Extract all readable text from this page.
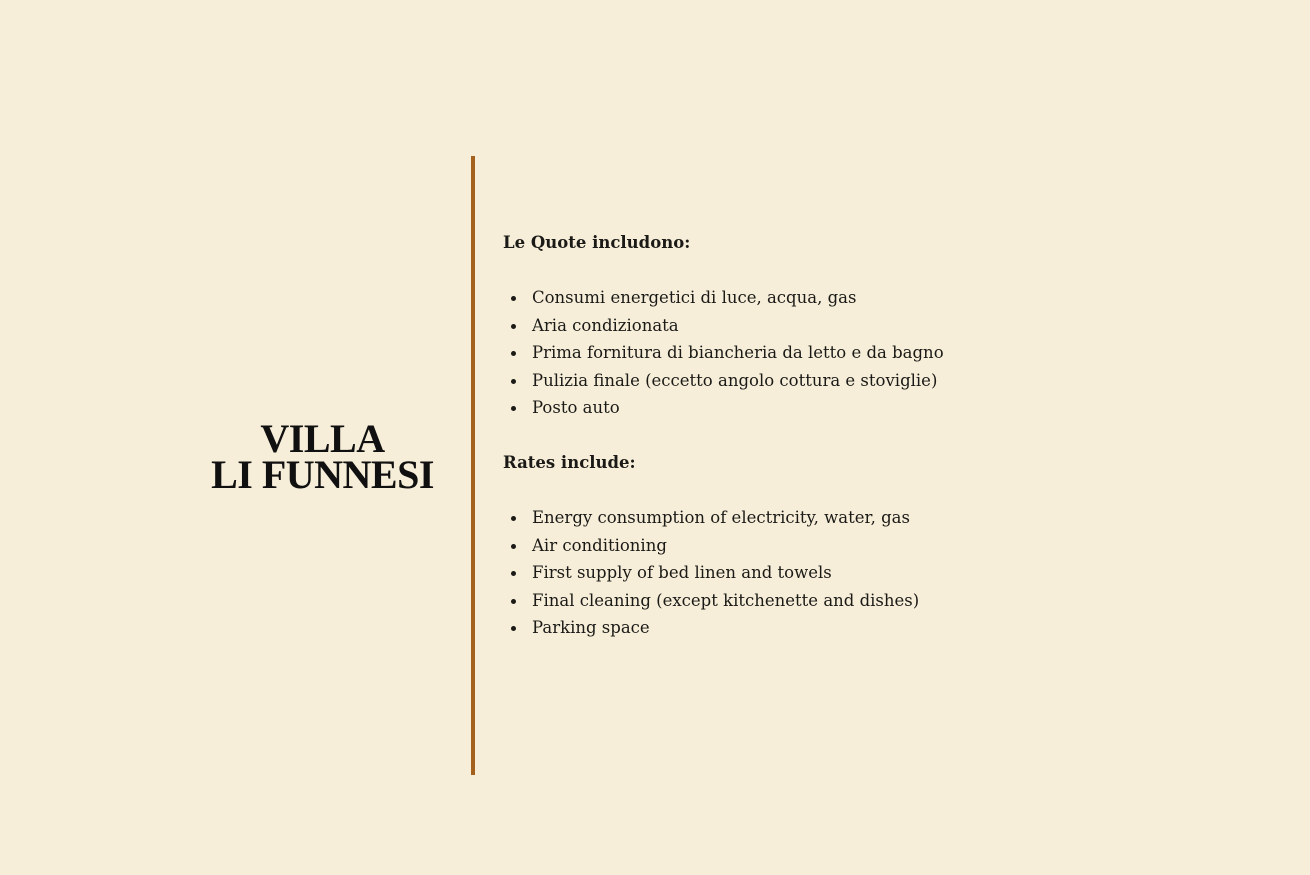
VILLA
LI FUNNESI
Le Quote includono:
Consumi energetici di luce, acqua, gas
Aria condizionata
Prima fornitura di biancheria da letto e da bagno
Pulizia finale (eccetto angolo cottura e stoviglie)
Posto auto
Rates include:
Energy consumption of electricity, water, gas
Air conditioning
First supply of bed linen and towels
Final cleaning (except kitchenette and dishes)
Parking space
